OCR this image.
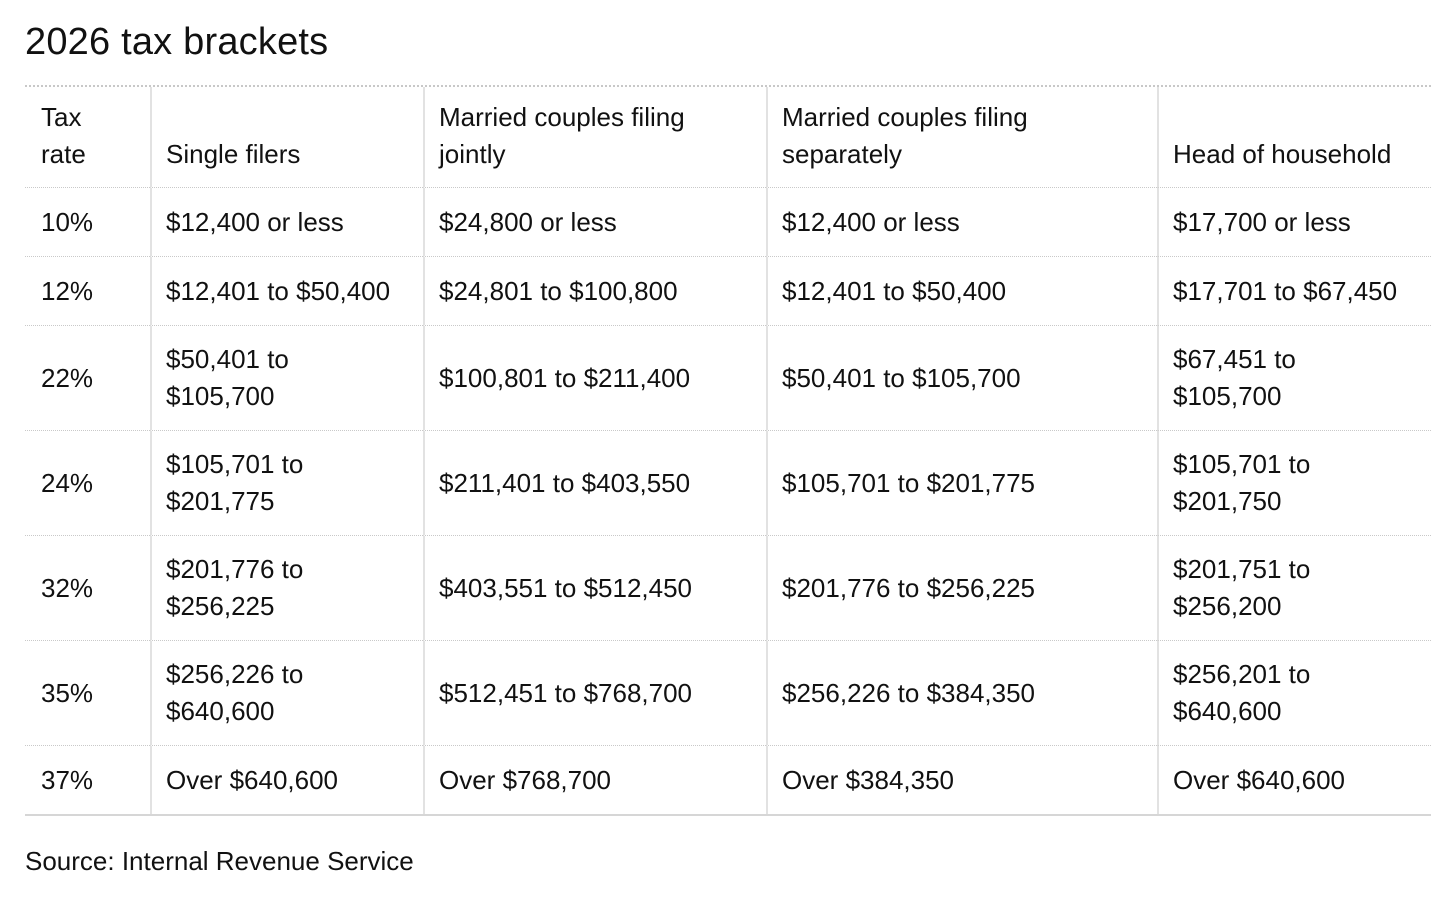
2026 tax brackets
Tax rate	Single filers	Married couples filing jointly	Married couples filing separately	Head of household
10%	$12,400 or less	$24,800 or less	$12,400 or less	$17,700 or less
12%	$12,401 to $50,400	$24,801 to $100,800	$12,401 to $50,400	$17,701 to $67,450
22%	$50,401 to $105,700	$100,801 to $211,400	$50,401 to $105,700	$67,451 to $105,700
24%	$105,701 to $201,775	$211,401 to $403,550	$105,701 to $201,775	$105,701 to $201,750
32%	$201,776 to $256,225	$403,551 to $512,450	$201,776 to $256,225	$201,751 to $256,200
35%	$256,226 to $640,600	$512,451 to $768,700	$256,226 to $384,350	$256,201 to $640,600
37%	Over $640,600	Over $768,700	Over $384,350	Over $640,600
Source: Internal Revenue Service
